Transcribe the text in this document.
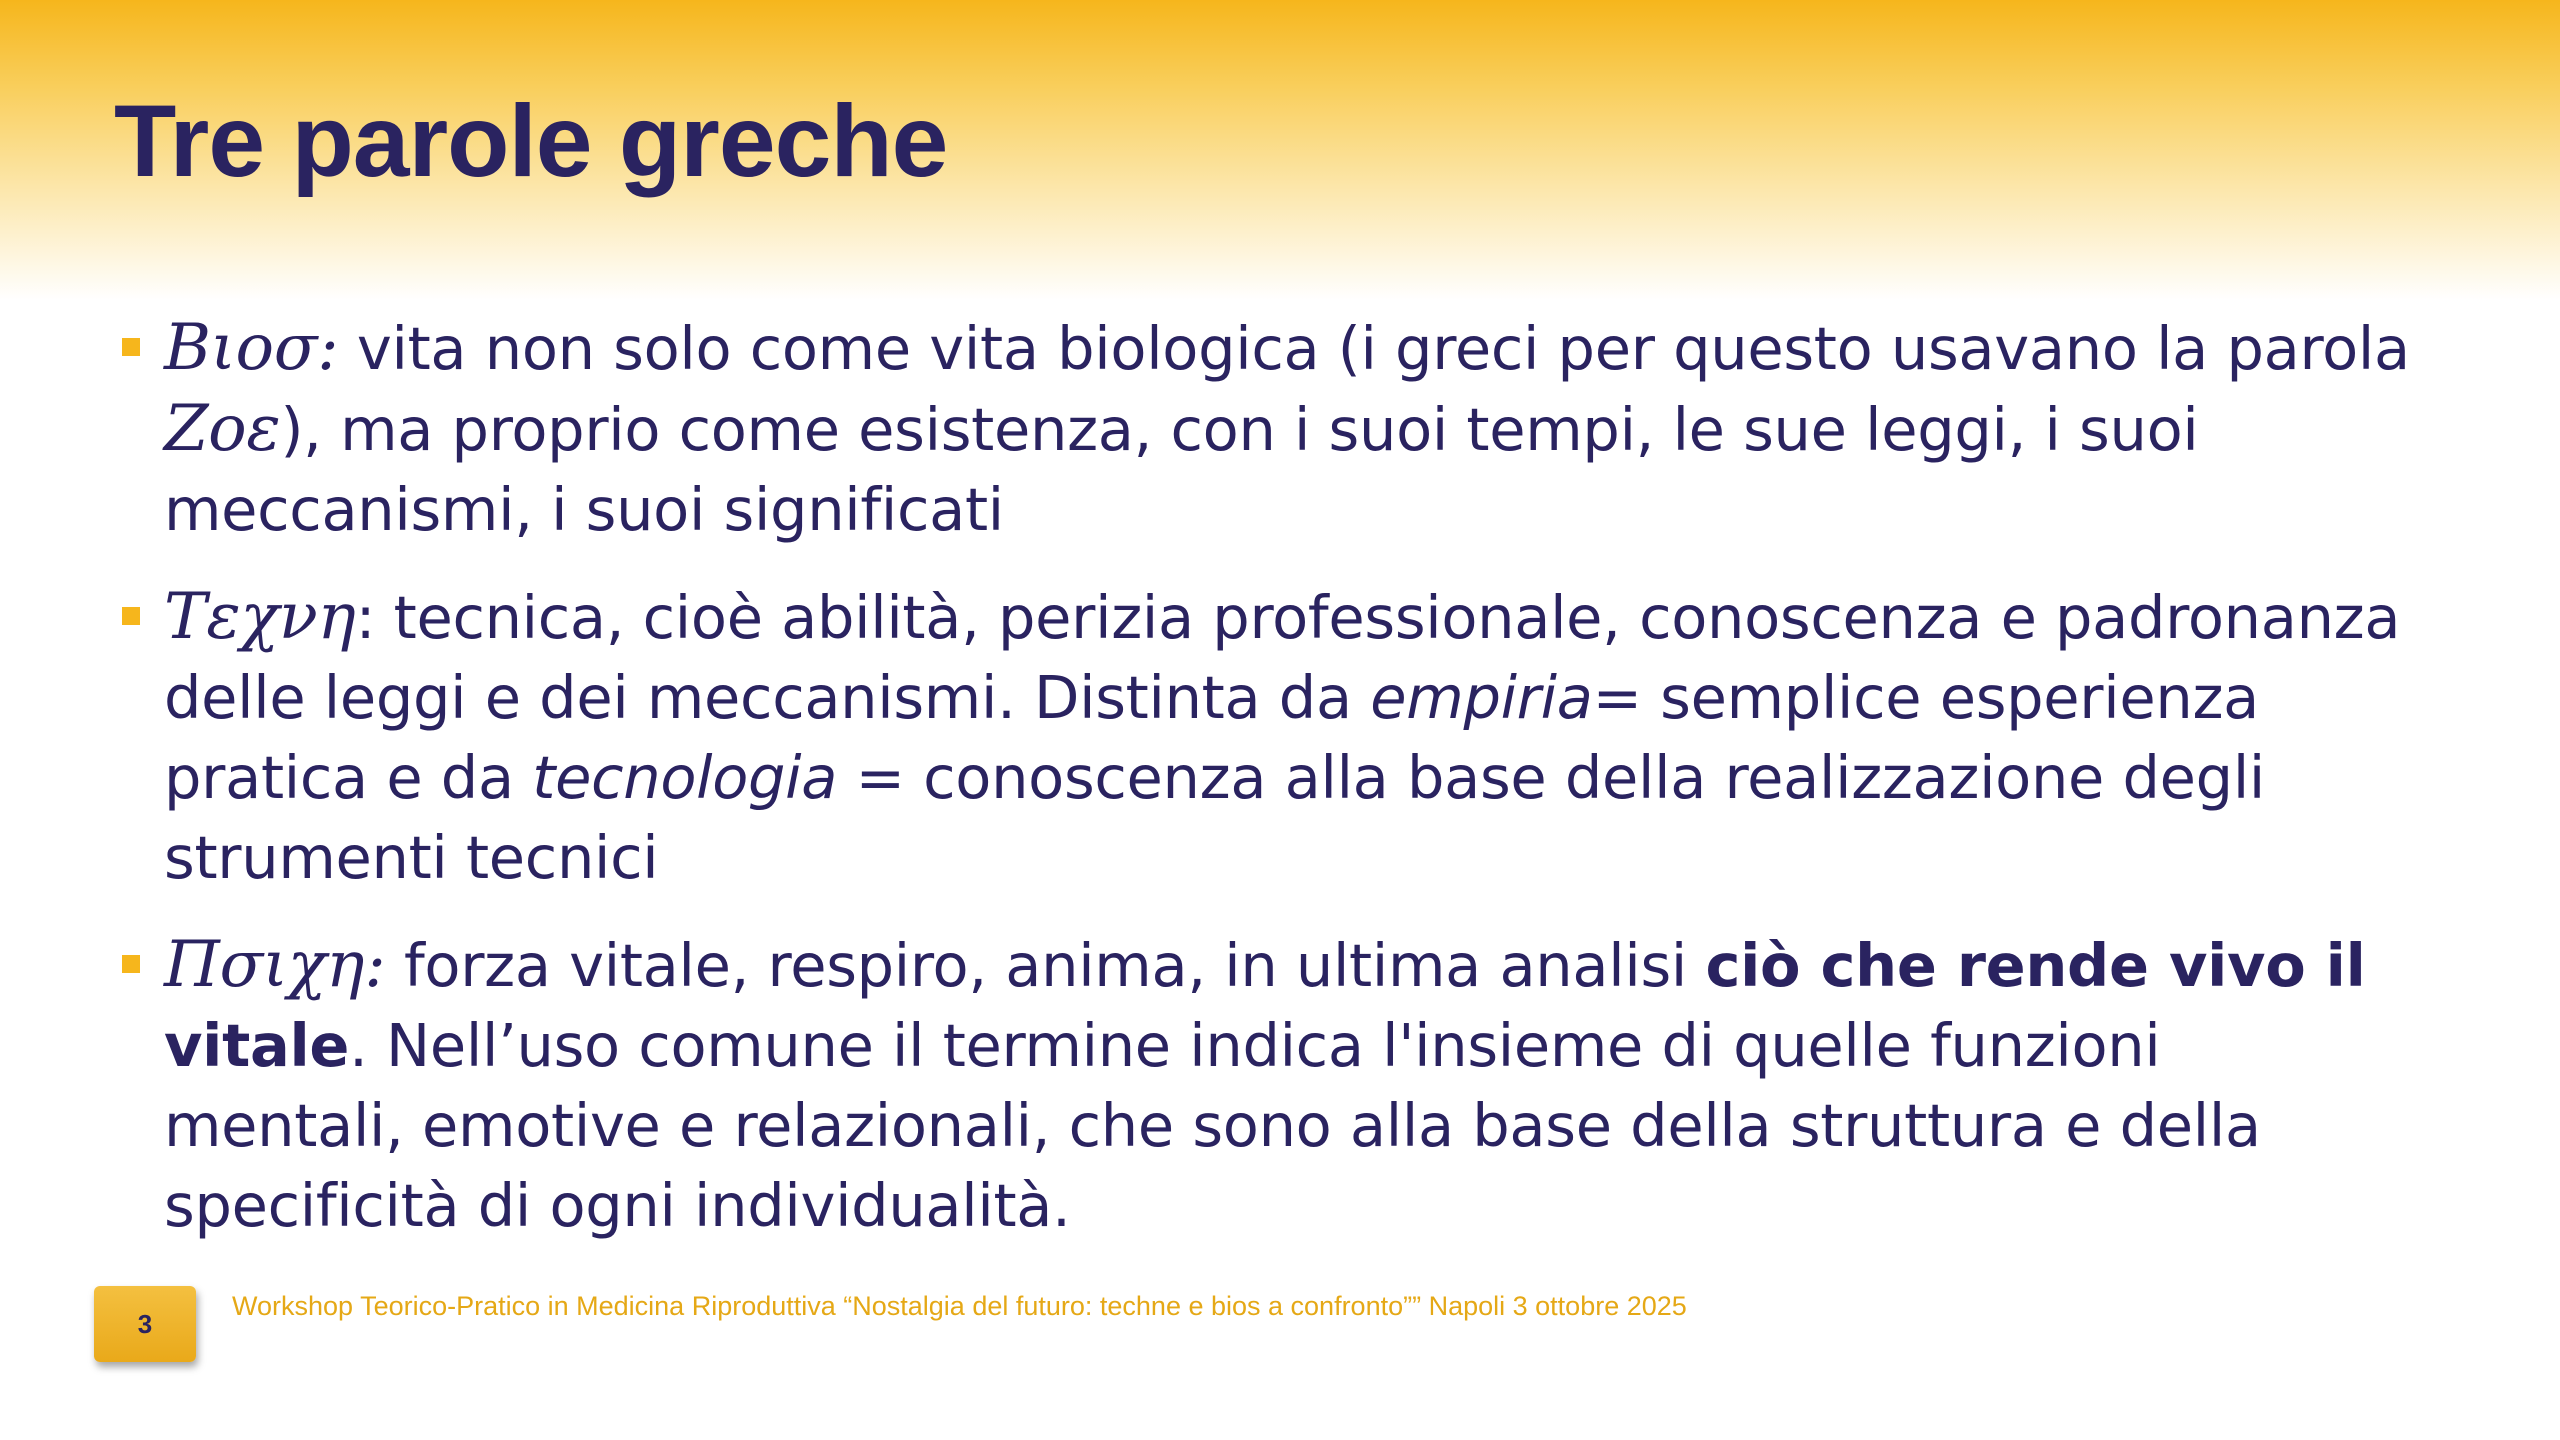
Tre parole greche
Βιοσ: vita non solo come vita biologica (i greci per questo usavano la parola Ζοε), ma proprio come esistenza, con i suoi tempi, le sue leggi, i suoi meccanismi, i suoi significati
Τεχνη: tecnica, cioè abilità, perizia professionale, conoscenza e padronanza delle leggi e dei meccanismi. Distinta da empiria= semplice esperienza pratica e da tecnologia = conoscenza alla base della realizzazione degli strumenti tecnici
Πσιχη: forza vitale, respiro, anima, in ultima analisi ciò che rende vivo il vitale. Nell’uso comune il termine indica l'insieme di quelle funzioni mentali, emotive e relazionali, che sono alla base della struttura e della specificità di ogni individualità.
3
Workshop Teorico-Pratico in Medicina Riproduttiva “Nostalgia del futuro: techne e bios a confronto”” Napoli 3 ottobre 2025
